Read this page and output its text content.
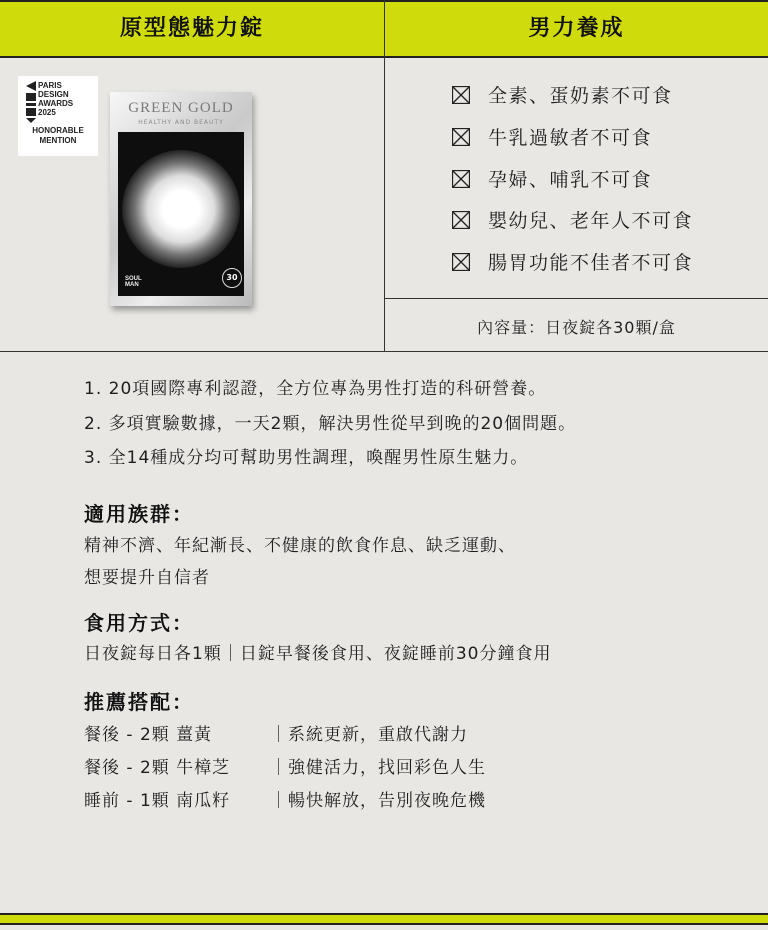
原型態魅力錠	男力養成
PARIS
DESIGN
AWARDS
2025
HONORABLE
MENTION
GREEN GOLD
HEALTHY AND BEAUTY
SOUL
MAN
30
全素、蛋奶素不可食
牛乳過敏者不可食
孕婦、哺乳不可食
嬰幼兒、老年人不可食
腸胃功能不佳者不可食
內容量：日夜錠各30顆/盒
1. 20項國際專利認證，全方位專為男性打造的科研營養。
2. 多項實驗數據，一天2顆，解決男性從早到晚的20個問題。
3. 全14種成分均可幫助男性調理，喚醒男性原生魅力。
適用族群：
精神不濟、年紀漸長、不健康的飲食作息、缺乏運動、
想要提升自信者
食用方式：
日夜錠每日各1顆｜日錠早餐後食用、夜錠睡前30分鐘食用
推薦搭配：
餐後 - 2顆 薑黃	｜系統更新，重啟代謝力
餐後 - 2顆 牛樟芝 ｜強健活力，找回彩色人生
睡前 - 1顆 南瓜籽 ｜暢快解放，告別夜晚危機
